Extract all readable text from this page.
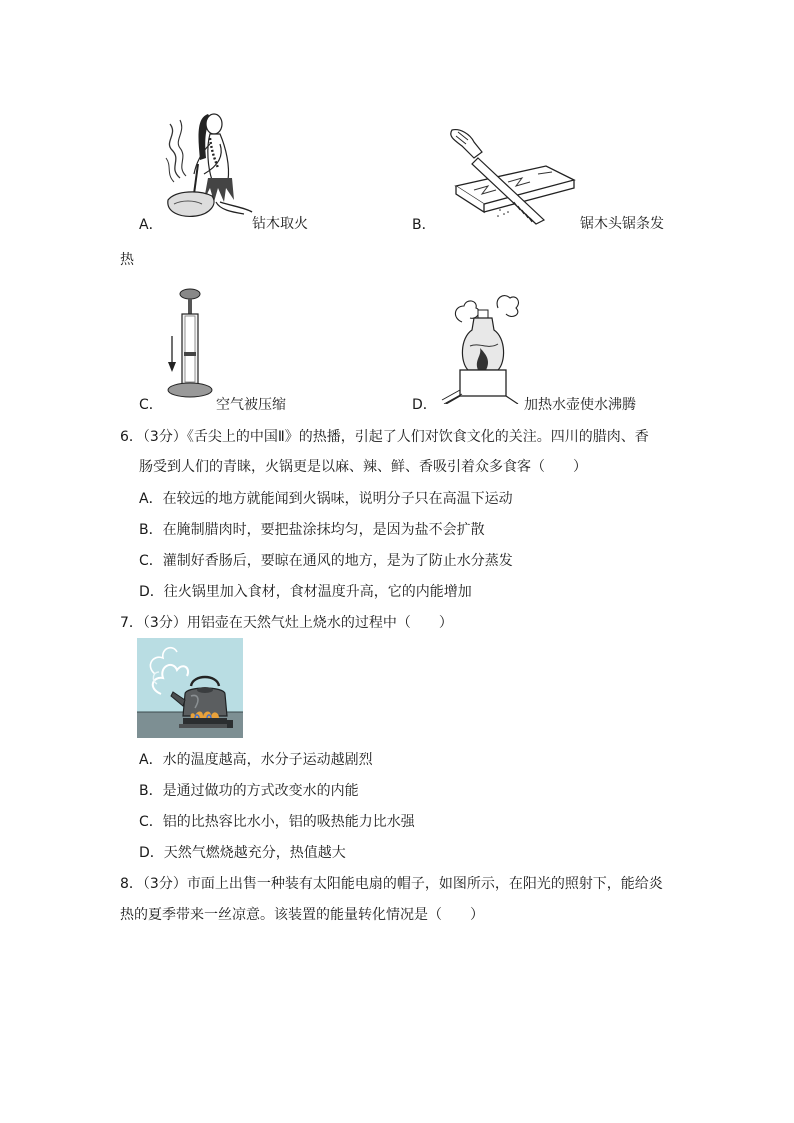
A．	钻木取火	B．	锯木头锯条发
热
C．	空气被压缩	D．	加热水壶使水沸腾
6．（3分）《舌尖上的中国Ⅱ》的热播，引起了人们对饮食文化的关注。四川的腊肉、香
肠受到人们的青睐，火锅更是以麻、辣、鲜、香吸引着众多食客（　　）
A．在较远的地方就能闻到火锅味，说明分子只在高温下运动
B．在腌制腊肉时，要把盐涂抹均匀，是因为盐不会扩散
C．灌制好香肠后，要晾在通风的地方，是为了防止水分蒸发
D．往火锅里加入食材，食材温度升高，它的内能增加
7．（3分）用铝壶在天然气灶上烧水的过程中（　　）
A．水的温度越高，水分子运动越剧烈
B．是通过做功的方式改变水的内能
C．铝的比热容比水小，铝的吸热能力比水强
D．天然气燃烧越充分，热值越大
8．（3分）市面上出售一种装有太阳能电扇的帽子，如图所示，在阳光的照射下，能给炎
热的夏季带来一丝凉意。该装置的能量转化情况是（　　）
